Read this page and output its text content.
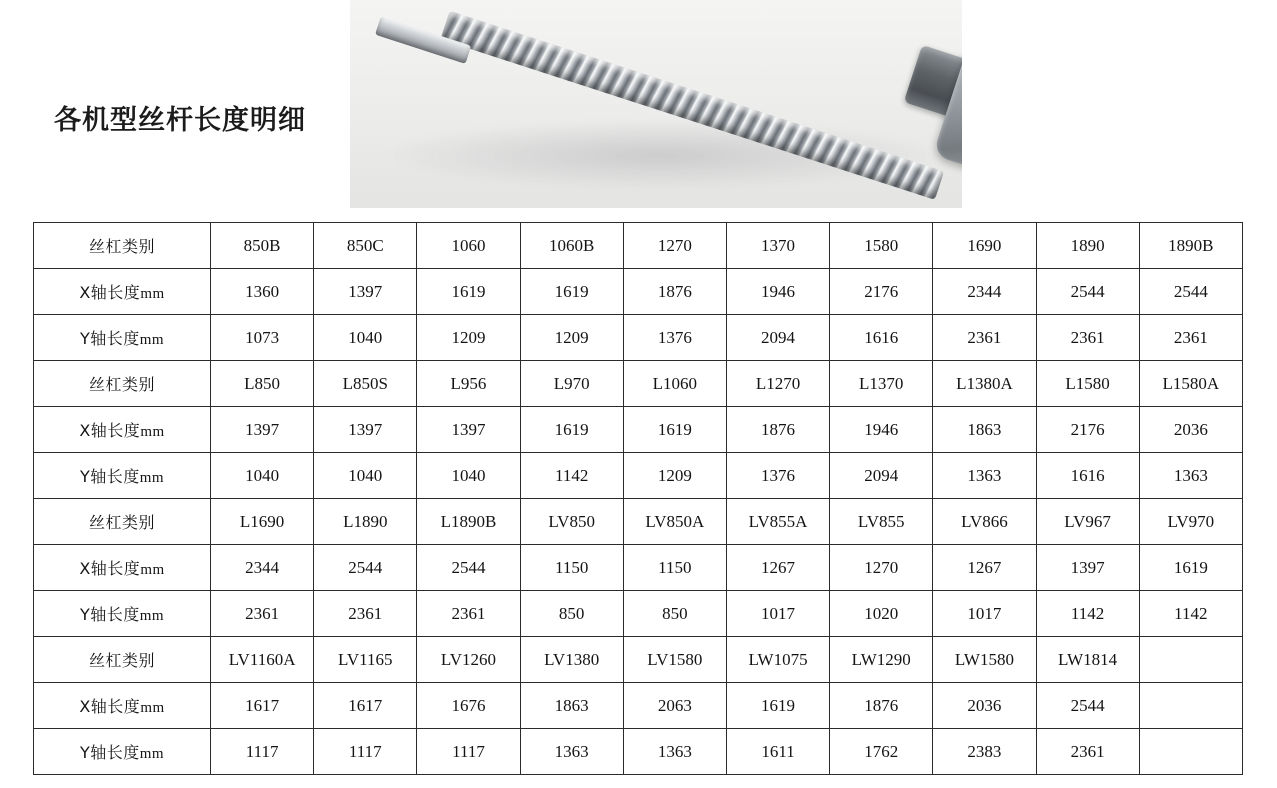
各机型丝杆长度明细
丝杠类别	850B	850C	1060	1060B	1270	1370	1580	1690	1890	1890B
X轴长度mm	1360	1397	1619	1619	1876	1946	2176	2344	2544	2544
Y轴长度mm	1073	1040	1209	1209	1376	2094	1616	2361	2361	2361
丝杠类别	L850	L850S	L956	L970	L1060	L1270	L1370	L1380A	L1580	L1580A
X轴长度mm	1397	1397	1397	1619	1619	1876	1946	1863	2176	2036
Y轴长度mm	1040	1040	1040	1142	1209	1376	2094	1363	1616	1363
丝杠类别	L1690	L1890	L1890B	LV850	LV850A	LV855A	LV855	LV866	LV967	LV970
X轴长度mm	2344	2544	2544	1150	1150	1267	1270	1267	1397	1619
Y轴长度mm	2361	2361	2361	850	850	1017	1020	1017	1142	1142
丝杠类别	LV1160A	LV1165	LV1260	LV1380	LV1580	LW1075	LW1290	LW1580	LW1814	
X轴长度mm	1617	1617	1676	1863	2063	1619	1876	2036	2544	
Y轴长度mm	1117	1117	1117	1363	1363	1611	1762	2383	2361	
